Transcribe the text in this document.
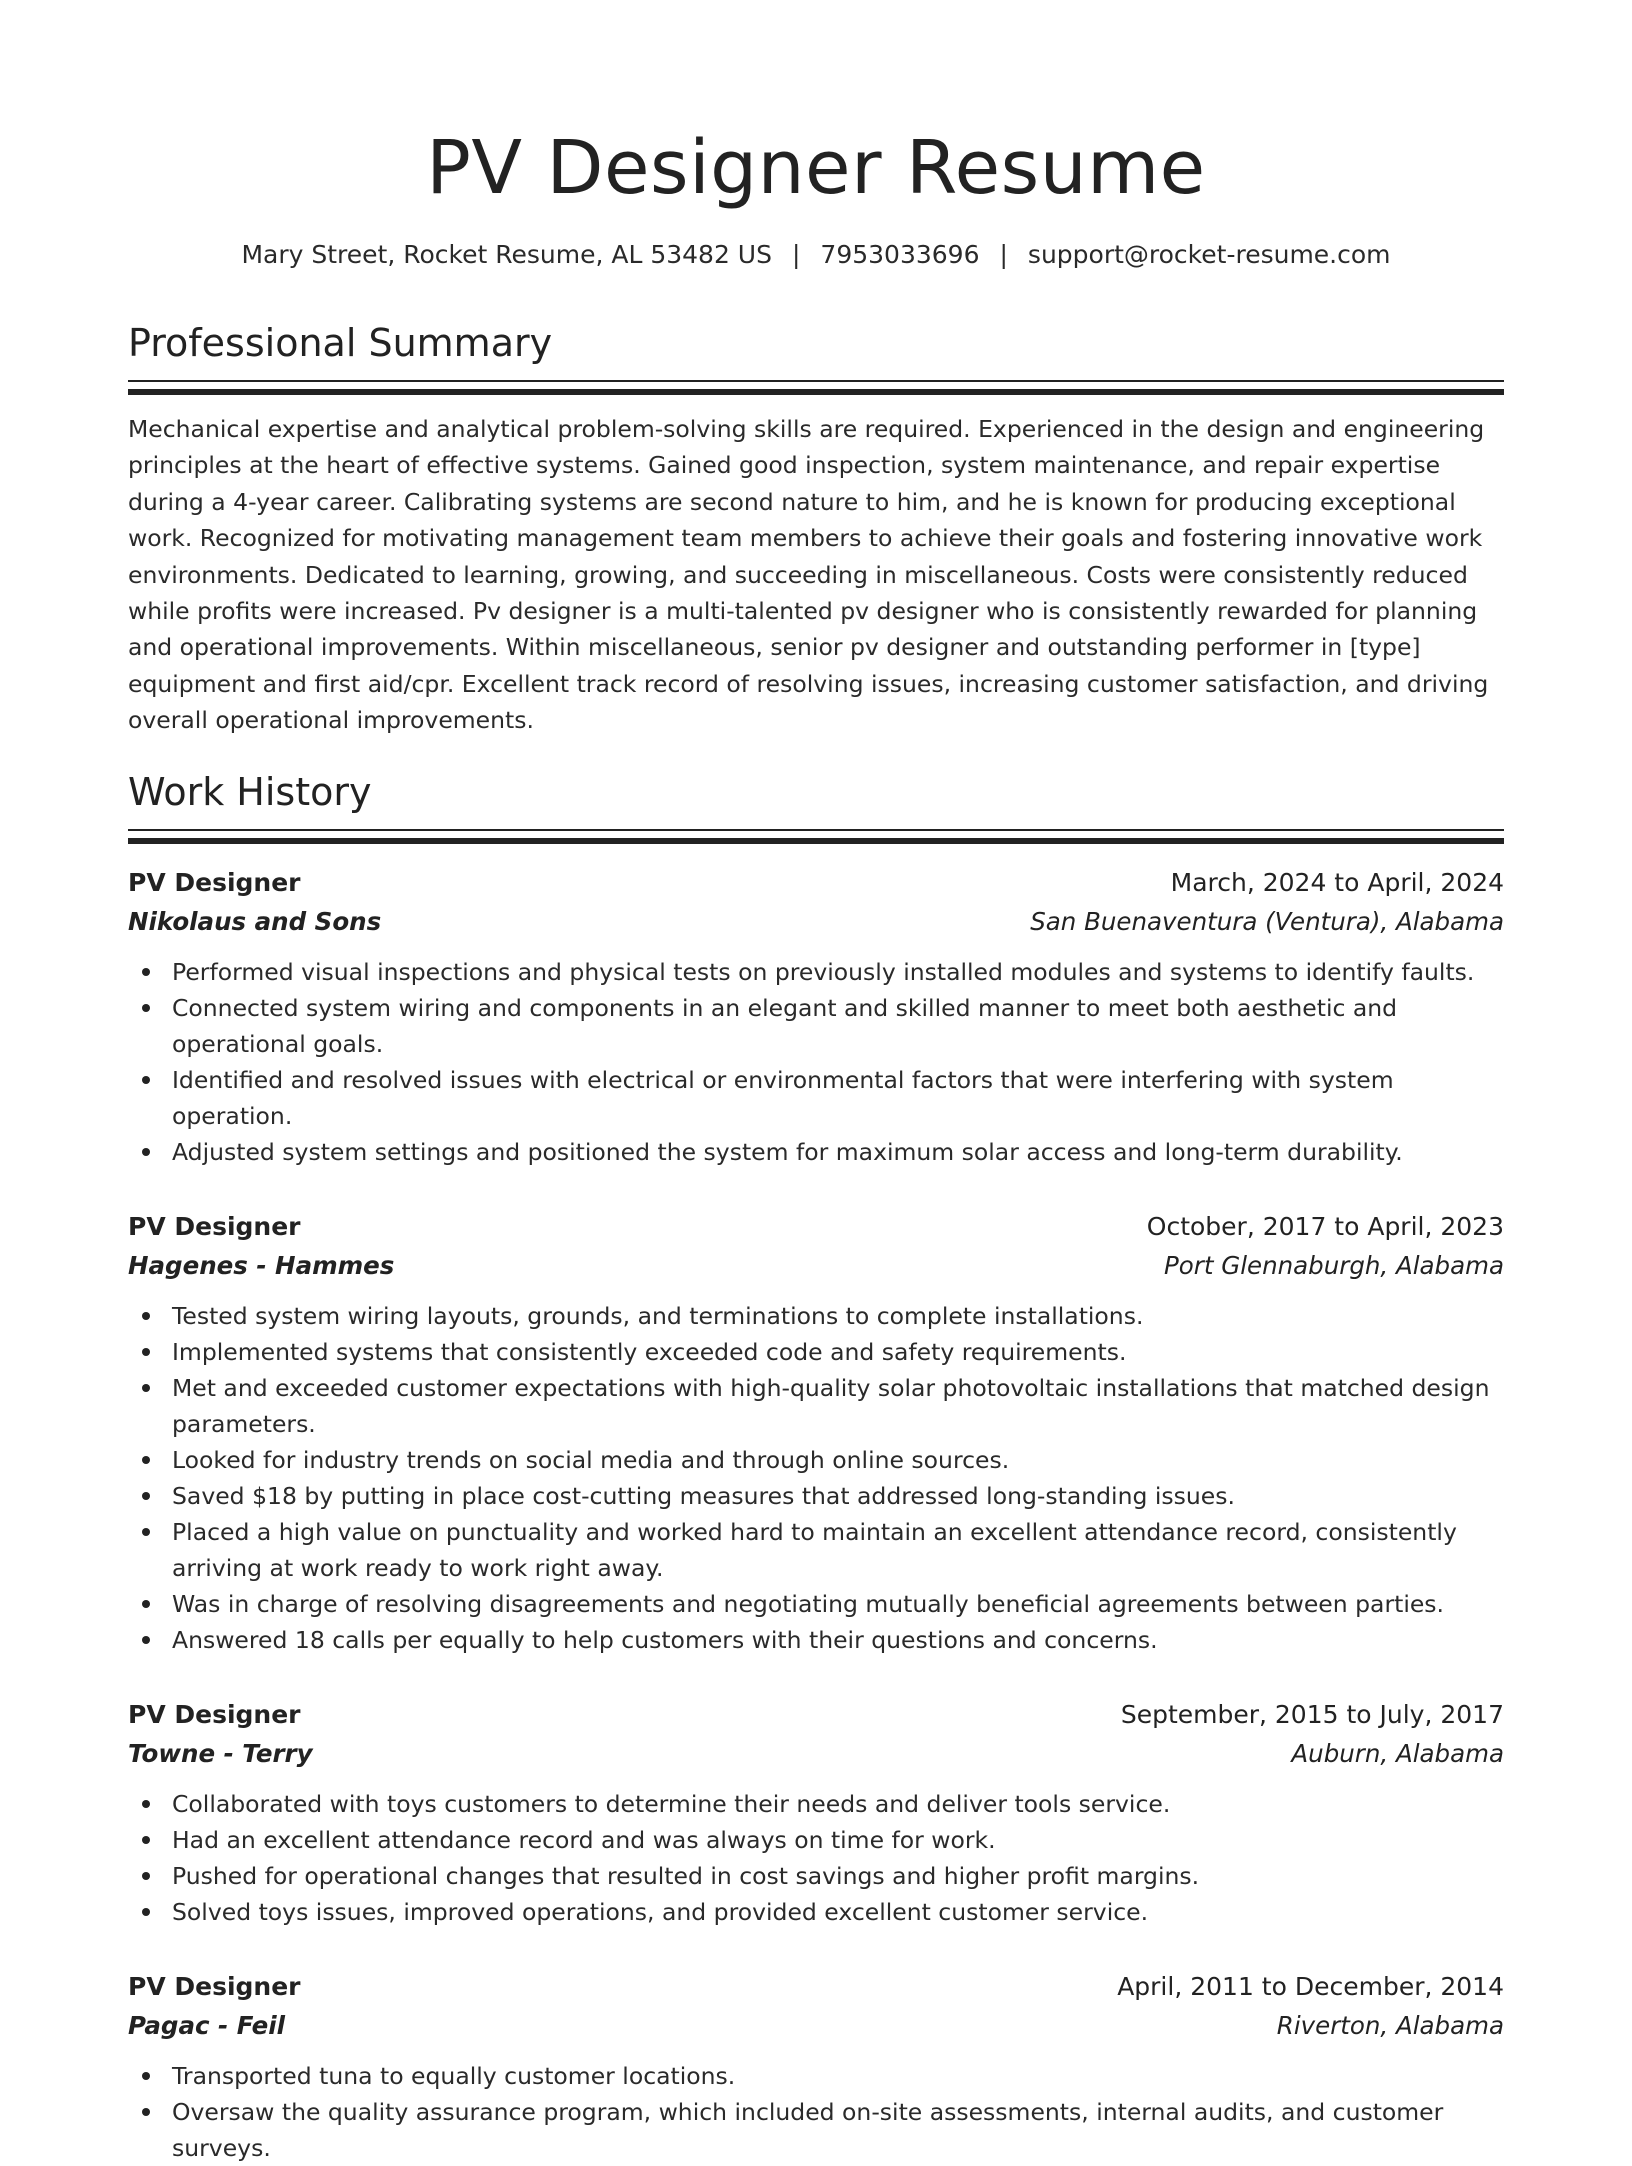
PV Designer Resume
Mary Street, Rocket Resume, AL 53482 US | 7953033696 | support@rocket-resume.com
Professional Summary

Mechanical expertise and analytical problem-solving skills are required. Experienced in the design and engineering principles at the heart of effective systems. Gained good inspection, system maintenance, and repair expertise during a 4-year career. Calibrating systems are second nature to him, and he is known for producing exceptional work. Recognized for motivating management team members to achieve their goals and fostering innovative work environments. Dedicated to learning, growing, and succeeding in miscellaneous. Costs were consistently reduced while profits were increased. Pv designer is a multi-talented pv designer who is consistently rewarded for planning and operational improvements. Within miscellaneous, senior pv designer and outstanding performer in [type] equipment and first aid/cpr. Excellent track record of resolving issues, increasing customer satisfaction, and driving overall operational improvements.

Work History
PV Designer	March, 2024 to April, 2024
Nikolaus and Sons	San Buenaventura (Ventura), Alabama
Performed visual inspections and physical tests on previously installed modules and systems to identify faults.
Connected system wiring and components in an elegant and skilled manner to meet both aesthetic and operational goals.
Identified and resolved issues with electrical or environmental factors that were interfering with system operation.
Adjusted system settings and positioned the system for maximum solar access and long-term durability.
PV Designer	October, 2017 to April, 2023
Hagenes - Hammes	Port Glennaburgh, Alabama
Tested system wiring layouts, grounds, and terminations to complete installations.
Implemented systems that consistently exceeded code and safety requirements.
Met and exceeded customer expectations with high-quality solar photovoltaic installations that matched design parameters.
Looked for industry trends on social media and through online sources.
Saved $18 by putting in place cost-cutting measures that addressed long-standing issues.
Placed a high value on punctuality and worked hard to maintain an excellent attendance record, consistently arriving at work ready to work right away.
Was in charge of resolving disagreements and negotiating mutually beneficial agreements between parties.
Answered 18 calls per equally to help customers with their questions and concerns.
PV Designer	September, 2015 to July, 2017
Towne - Terry	Auburn, Alabama
Collaborated with toys customers to determine their needs and deliver tools service.
Had an excellent attendance record and was always on time for work.
Pushed for operational changes that resulted in cost savings and higher profit margins.
Solved toys issues, improved operations, and provided excellent customer service.
PV Designer	April, 2011 to December, 2014
Pagac - Feil	Riverton, Alabama
Transported tuna to equally customer locations.
Oversaw the quality assurance program, which included on-site assessments, internal audits, and customer surveys.
